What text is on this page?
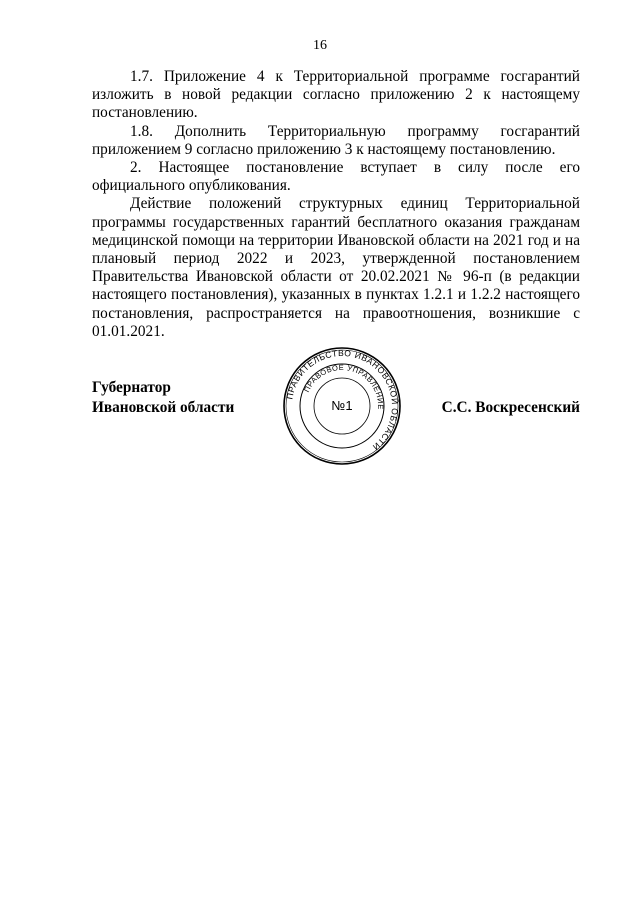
16

1.7. Приложение 4 к Территориальной программе госгарантий изложить в новой редакции согласно приложению 2 к настоящему постановлению.

1.8. Дополнить Территориальную программу госгарантий приложением 9 согласно приложению 3 к настоящему постановлению.

2. Настоящее постановление вступает в силу после его официального опубликования.

Действие положений структурных единиц Территориальной программы государственных гарантий бесплатного оказания гражданам медицинской помощи на территории Ивановской области на 2021 год и на плановый период 2022 и 2023, утвержденной постановлением Правительства Ивановской области от 20.02.2021 № 96-п (в редакции настоящего постановления), указанных в пунктах 1.2.1 и 1.2.2 настоящего постановления, распространяется на правоотношения, возникшие с 01.01.2021.

Губернатор
Ивановской области	С.С. Воскресенский
ПРАВИТЕЛЬСТВО ИВАНОВСКОЙ ОБЛАСТИ
ПРАВОВОЕ УПРАВЛЕНИЕ
№1
